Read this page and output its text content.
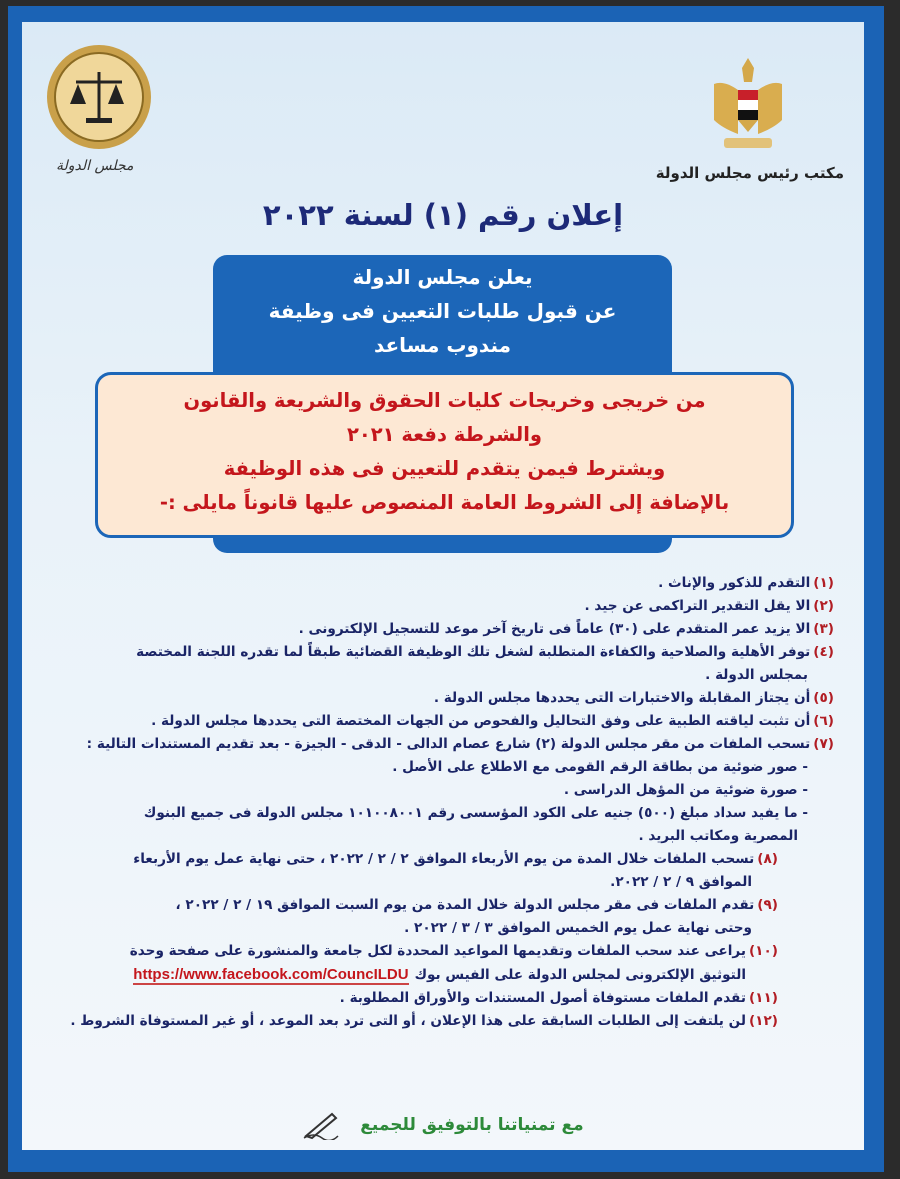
مكتب رئيس مجلس الدولة
مجلس الدولة
إعلان رقم (١) لسنة ٢٠٢٢
يعلن مجلس الدولة
عن قبول طلبات التعيين فى وظيفة
مندوب مساعد
من خريجى وخريجات كليات الحقوق والشريعة والقانون
والشرطة دفعة ٢٠٢١
ويشترط فيمن يتقدم للتعيين فى هذه الوظيفة
بالإضافة إلى الشروط العامة المنصوص عليها قانوناً مايلى :-

(١)التقدم للذكور والإناث .

(٢)الا يقل التقدير التراكمى عن جيد .

(٣)الا يزيد عمر المتقدم على (٣٠) عاماً فى تاريخ آخر موعد للتسجيل الإلكترونى .

(٤)توفر الأهلية والصلاحية والكفاءة المتطلبة لشغل تلك الوظيفة القضائية طبقاً لما تقدره اللجنة المختصة

بمجلس الدولة .

(٥)أن يجتاز المقابلة والاختبارات التى يحددها مجلس الدولة .

(٦)أن تثبت لياقته الطبية على وفق التحاليل والفحوص من الجهات المختصة التى يحددها مجلس الدولة .

(٧)تسحب الملفات من مقر مجلس الدولة (٢) شارع عصام الدالى - الدقى - الجيزة - بعد تقديم المستندات التالية :

- صور ضوئية من بطاقة الرقم القومى مع الاطلاع على الأصل .

- صورة ضوئية من المؤهل الدراسى .

- ما يفيد سداد مبلغ (٥٠٠) جنيه على الكود المؤسسى رقم ١٠١٠٠٨٠٠١ مجلس الدولة فى جميع البنوك

المصرية ومكاتب البريد .

(٨)تسحب الملفات خلال المدة من يوم الأربعاء الموافق ٢ / ٢ / ٢٠٢٢ ، حتى نهاية عمل يوم الأربعاء

الموافق ٩ / ٢ / ٢٠٢٢.

(٩)تقدم الملفات فى مقر مجلس الدولة خلال المدة من يوم السبت الموافق ١٩ / ٢ / ٢٠٢٢ ،

وحتى نهاية عمل يوم الخميس الموافق ٣ / ٣ / ٢٠٢٢ .

(١٠)يراعى عند سحب الملفات وتقديمها المواعيد المحددة لكل جامعة والمنشورة على صفحة وحدة

التوثيق الإلكترونى لمجلس الدولة على الفيس بوكhttps://www.facebook.com/CouncILDU

(١١)تقدم الملفات مستوفاة أصول المستندات والأوراق المطلوبة .

(١٢)لن يلتفت إلى الطلبات السابقة على هذا الإعلان ، أو التى ترد بعد الموعد ، أو غير المستوفاة الشروط .

مع تمنياتنا بالتوفيق للجميع
